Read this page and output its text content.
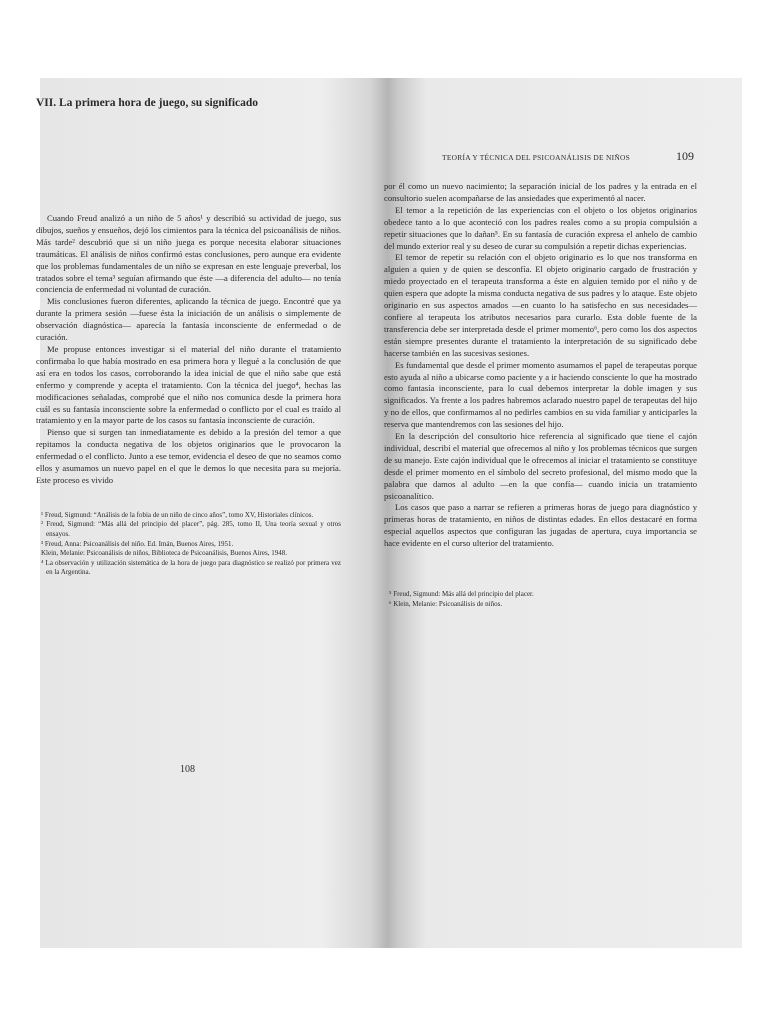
VII. La primera hora de juego, su significado

Cuando Freud analizó a un niño de 5 años¹ y describió su actividad de juego, sus dibujos, sueños y ensueños, dejó los cimientos para la técnica del psicoanálisis de niños. Más tarde² descubrió que si un niño juega es porque necesita elaborar situaciones traumáticas. El análisis de niños confirmó estas conclusiones, pero aunque era evidente que los problemas fundamentales de un niño se expresan en este lenguaje preverbal, los tratados sobre el tema³ seguían afirmando que éste —a diferencia del adulto— no tenía conciencia de enfermedad ni voluntad de curación.

Mis conclusiones fueron diferentes, aplicando la técnica de juego. Encontré que ya durante la primera sesión —fuese ésta la iniciación de un análisis o simplemente de observación diagnóstica— aparecía la fantasía inconsciente de enfermedad o de curación.

Me propuse entonces investigar si el material del niño durante el tratamiento confirmaba lo que había mostrado en esa primera hora y llegué a la conclusión de que así era en todos los casos, corroborando la idea inicial de que el niño sabe que está enfermo y comprende y acepta el tratamiento. Con la técnica del juego⁴, hechas las modificaciones señaladas, comprobé que el niño nos comunica desde la primera hora cuál es su fantasía inconsciente sobre la enfermedad o conflicto por el cual es traído al tratamiento y en la mayor parte de los casos su fantasía inconsciente de curación.

Pienso que si surgen tan inmediatamente es debido a la presión del temor a que repitamos la conducta negativa de los objetos originarios que le provocaron la enfermedad o el conflicto. Junto a ese temor, evidencia el deseo de que no seamos como ellos y asumamos un nuevo papel en el que le demos lo que necesita para su mejoría. Este proceso es vivido

¹ Freud, Sigmund: “Análisis de la fobia de un niño de cinco años”, tomo XV, Historiales clínicos.

² Freud, Sigmund: “Más allá del principio del placer”, pág. 285, tomo II, Una teoría sexual y otros ensayos.

³ Freud, Anna: Psicoanálisis del niño. Ed. Imán, Buenos Aires, 1951.

Klein, Melanie: Psicoanálisis de niños, Biblioteca de Psicoanálisis, Buenos Aires, 1948.

⁴ La observación y utilización sistemática de la hora de juego para diagnóstico se realizó por primera vez en la Argentina.

108
TEORÍA Y TÉCNICA DEL PSICOANÁLISIS DE NIÑOS	109

por él como un nuevo nacimiento; la separación inicial de los padres y la entrada en el consultorio suelen acompañarse de las ansiedades que experimentó al nacer.

El temor a la repetición de las experiencias con el objeto o los objetos originarios obedece tanto a lo que aconteció con los padres reales como a su propia compulsión a repetir situaciones que lo dañan⁵. En su fantasía de curación expresa el anhelo de cambio del mundo exterior real y su deseo de curar su compulsión a repetir dichas experiencias.

El temor de repetir su relación con el objeto originario es lo que nos transforma en alguien a quien y de quien se desconfía. El objeto originario cargado de frustración y miedo proyectado en el terapeuta transforma a éste en alguien temido por el niño y de quien espera que adopte la misma conducta negativa de sus padres y lo ataque. Este objeto originario en sus aspectos amados —en cuanto lo ha satisfecho en sus necesidades— confiere al terapeuta los atributos necesarios para curarlo. Esta doble fuente de la transferencia debe ser interpretada desde el primer momento⁶, pero como los dos aspectos están siempre presentes durante el tratamiento la interpretación de su significado debe hacerse también en las sucesivas sesiones.

Es fundamental que desde el primer momento asumamos el papel de terapeutas porque esto ayuda al niño a ubicarse como paciente y a ir haciendo consciente lo que ha mostrado como fantasía inconsciente, para lo cual debemos interpretar la doble imagen y sus significados. Ya frente a los padres habremos aclarado nuestro papel de terapeutas del hijo y no de ellos, que confirmamos al no pedirles cambios en su vida familiar y anticiparles la reserva que mantendremos con las sesiones del hijo.

En la descripción del consultorio hice referencia al significado que tiene el cajón individual, describí el material que ofrecemos al niño y los problemas técnicos que surgen de su manejo. Este cajón individual que le ofrecemos al iniciar el tratamiento se constituye desde el primer momento en el símbolo del secreto profesional, del mismo modo que la palabra que damos al adulto —en la que confía— cuando inicia un tratamiento psicoanalítico.

Los casos que paso a narrar se refieren a primeras horas de juego para diagnóstico y primeras horas de tratamiento, en niños de distintas edades. En ellos destacaré en forma especial aquellos aspectos que configuran las jugadas de apertura, cuya importancia se hace evidente en el curso ulterior del tratamiento.

⁵ Freud, Sigmund: Más allá del principio del placer.

⁶ Klein, Melanie: Psicoanálisis de niños.
